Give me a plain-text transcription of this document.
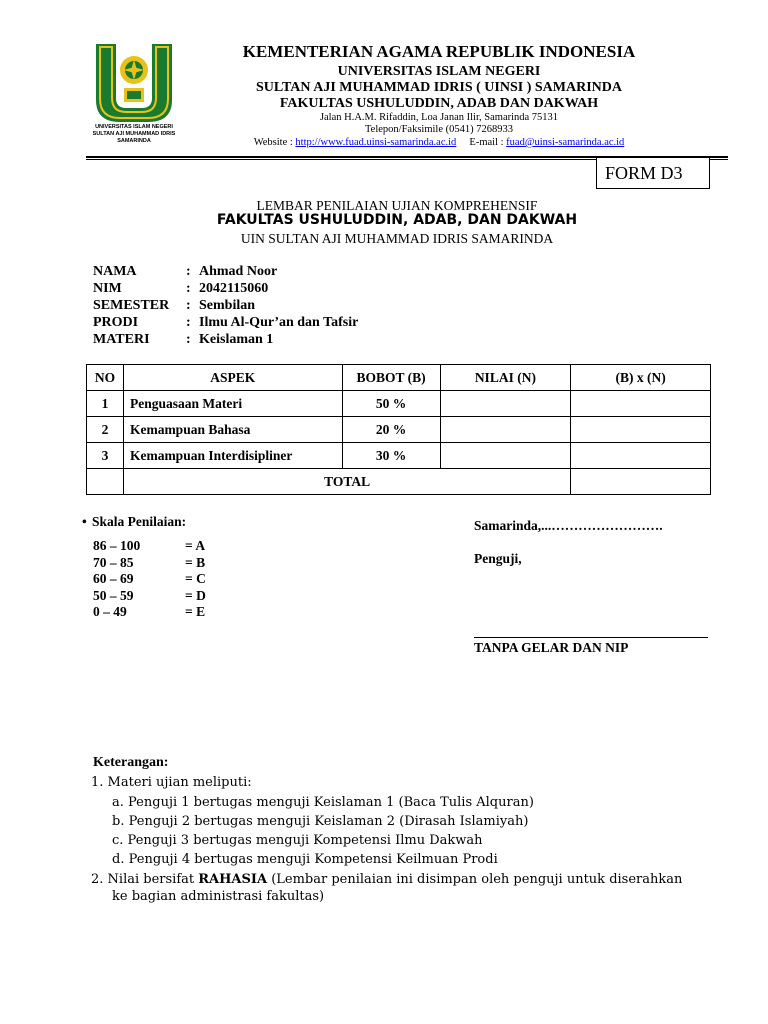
UNIVERSITAS ISLAM NEGERI
SULTAN AJI MUHAMMAD IDRIS
SAMARINDA
KEMENTERIAN AGAMA REPUBLIK INDONESIA
UNIVERSITAS ISLAM NEGERI
SULTAN AJI MUHAMMAD IDRIS ( UINSI ) SAMARINDA
FAKULTAS USHULUDDIN, ADAB DAN DAKWAH
Jalan H.A.M. Rifaddin, Loa Janan Ilir, Samarinda 75131
Telepon/Faksimile (0541) 7268933
Website : http://www.fuad.uinsi-samarinda.ac.id E-mail : fuad@uinsi-samarinda.ac.id
FORM D3
LEMBAR PENILAIAN UJIAN KOMPREHENSIF
FAKULTAS USHULUDDIN, ADAB, DAN DAKWAH
UIN SULTAN AJI MUHAMMAD IDRIS SAMARINDA
NAMA	: Ahmad Noor
NIM	: 2042115060
SEMESTER : Sembilan
PRODI	: Ilmu Al-Qur’an dan Tafsir
MATERI	: Keislaman 1
NO	ASPEK	BOBOT (B)	NILAI (N)	(B) x (N)
1	Penguasaan Materi	50 %		
2	Kemampuan Bahasa	20 %		
3	Kemampuan Interdisipliner	30 %		
	TOTAL			
• Skala Penilaian:
86 – 100	= A
70 – 85	= B
60 – 69	= C
50 – 59	= D
0 – 49	= E
Samarinda,...…………………….
Penguji,
TANPA GELAR DAN NIP
Keterangan:
1. Materi ujian meliputi:
a. Penguji 1 bertugas menguji Keislaman 1 (Baca Tulis Alquran)
b. Penguji 2 bertugas menguji Keislaman 2 (Dirasah Islamiyah)
c. Penguji 3 bertugas menguji Kompetensi Ilmu Dakwah
d. Penguji 4 bertugas menguji Kompetensi Keilmuan Prodi
2. Nilai bersifat RAHASIA (Lembar penilaian ini disimpan oleh penguji untuk diserahkan
ke bagian administrasi fakultas)
